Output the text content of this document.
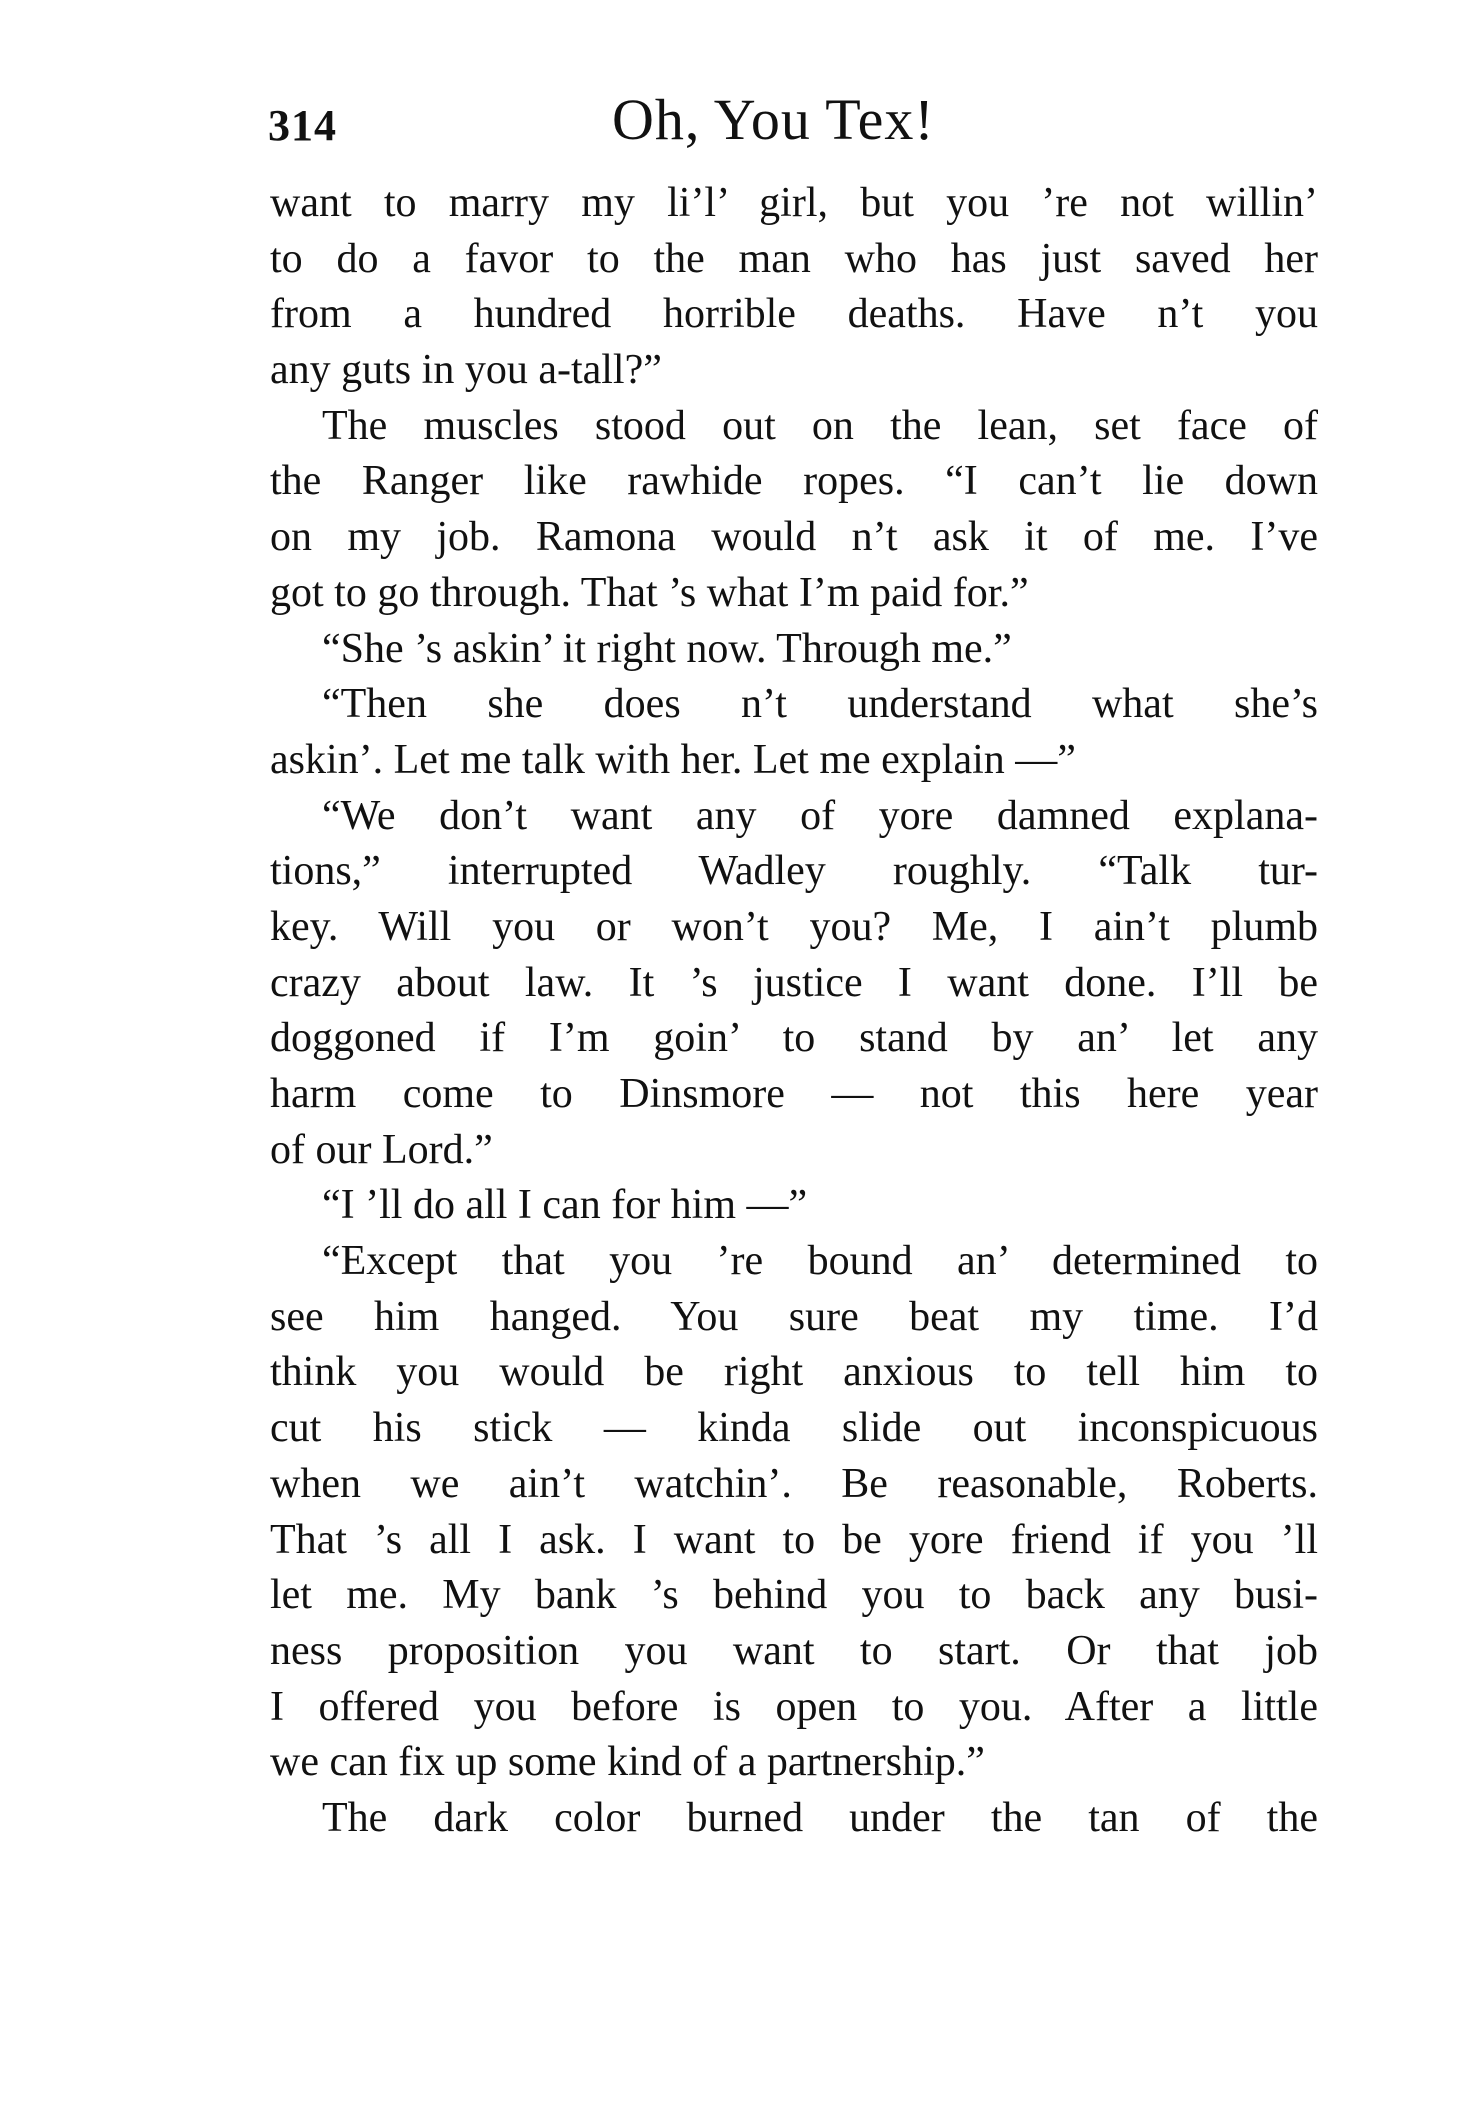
314	Oh, You Tex!
want to marry my li’l’ girl, but you ’re not willin’
to do a favor to the man who has just saved her
from a hundred horrible deaths. Have n’t you
any guts in you a-tall?”
The muscles stood out on the lean, set face of
the Ranger like rawhide ropes. “I can’t lie down
on my job. Ramona would n’t ask it of me. I’ve
got to go through. That ’s what I’m paid for.”
“She ’s askin’ it right now. Through me.”
“Then she does n’t understand what she’s
askin’. Let me talk with her. Let me explain —”
“We don’t want any of yore damned explana-
tions,” interrupted Wadley roughly. “Talk tur-
key. Will you or won’t you? Me, I ain’t plumb
crazy about law. It ’s justice I want done. I’ll be
doggoned if I’m goin’ to stand by an’ let any
harm come to Dinsmore — not this here year
of our Lord.”
“I ’ll do all I can for him —”
“Except that you ’re bound an’ determined to
see him hanged. You sure beat my time. I’d
think you would be right anxious to tell him to
cut his stick — kinda slide out inconspicuous
when we ain’t watchin’. Be reasonable, Roberts.
That ’s all I ask. I want to be yore friend if you ’ll
let me. My bank ’s behind you to back any busi-
ness proposition you want to start. Or that job
I offered you before is open to you. After a little
we can fix up some kind of a partnership.”
The dark color burned under the tan of the
